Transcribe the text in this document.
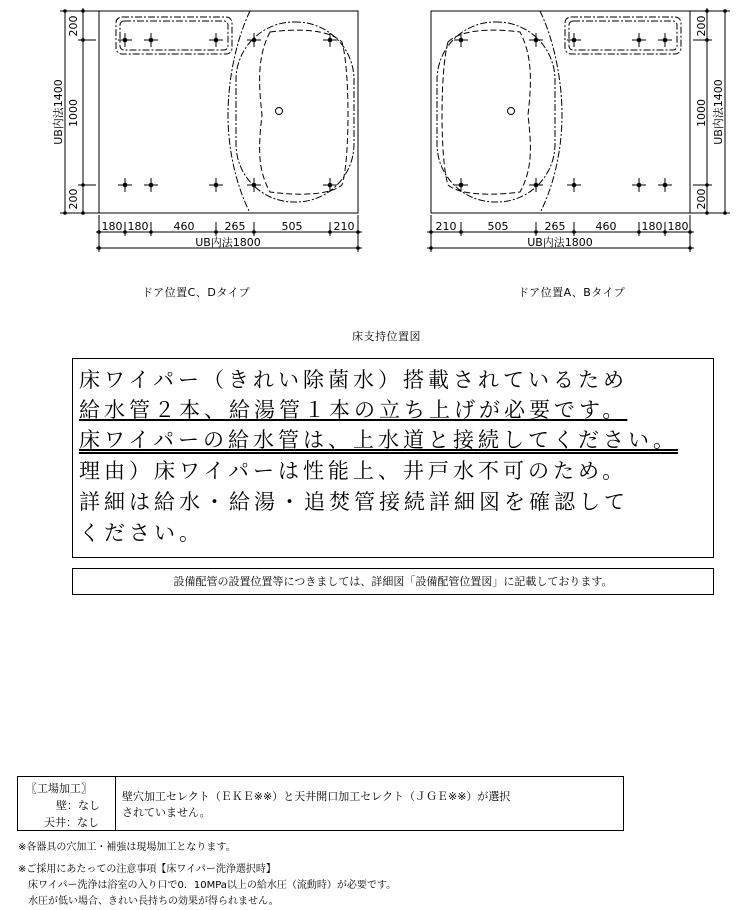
200
1000
200
UB内法1400
180 180 460	265	505	210
UB内法1800
200
1000
200
UB内法1400
210	505	265	460 180 180
UB内法1800
ドア位置C、Dタイプ	ドア位置A、Bタイプ
床支持位置図
床ワイパー（きれい除菌水）搭載されているため
給水管２本、給湯管１本の立ち上げが必要です。
床ワイパーの給水管は、上水道と接続してください。
理由）床ワイパーは性能上、井戸水不可のため。
詳細は給水・給湯・追焚管接続詳細図を確認して
ください。
設備配管の設置位置等につきましては、詳細図「設備配管位置図」に記載しております。
〖工場加工〗
壁：なし
天井：なし
壁穴加工セレクト（ＥＫＥ※※）と天井開口加工セレクト（ＪＧＥ※※）が選択
されていません。
※各器具の穴加工・補強は現場加工となります。
※ご採用にあたっての注意事項【床ワイパー洗浄選択時】
床ワイパー洗浄は浴室の入り口で0．10MPa以上の給水圧（流動時）が必要です。
水圧が低い場合、きれい長持ちの効果が得られません。
